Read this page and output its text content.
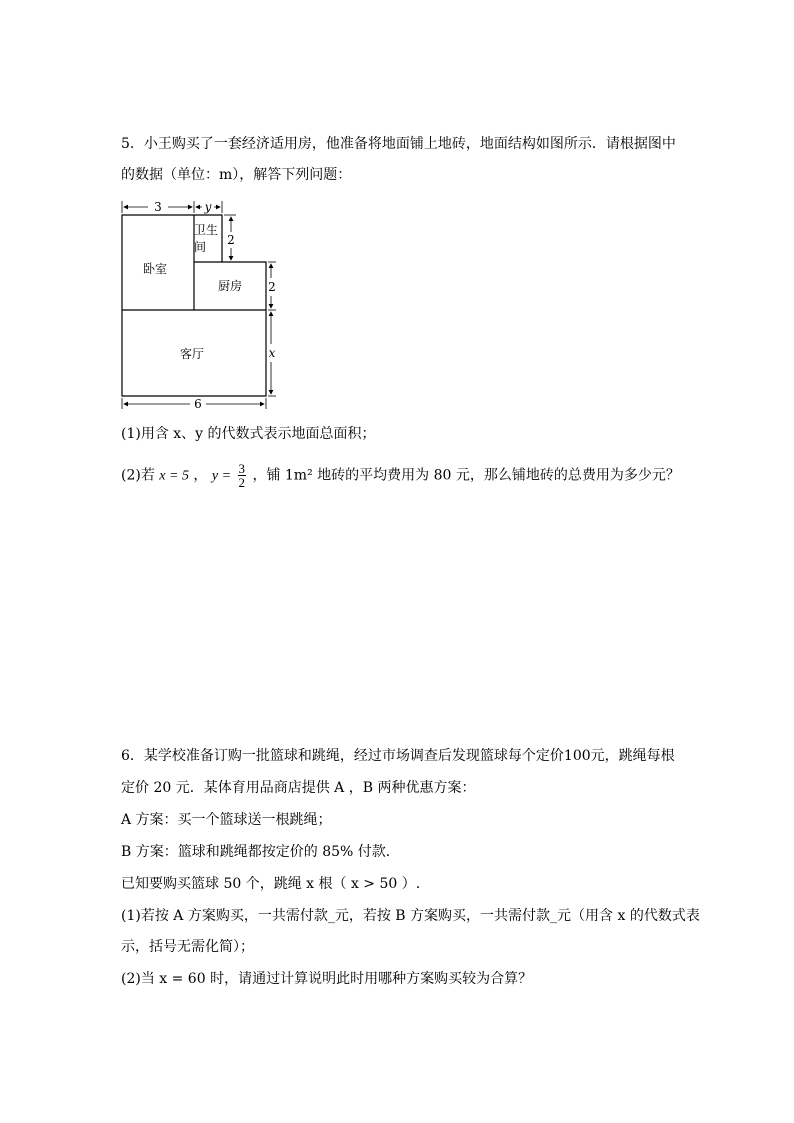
5．小王购买了一套经济适用房，他准备将地面铺上地砖，地面结构如图所示．请根据图中
的数据（单位：m），解答下列问题：
3	y
2
2
x
6
卧室
卫生
间
厨房
客厅
(1)用含 x、y 的代数式表示地面总面积；
(2)若 x = 5 ， $y = \frac{3}{2}$ ，铺 1m² 地砖的平均费用为 80 元，那么铺地砖的总费用为多少元？
6．某学校准备订购一批篮球和跳绳，经过市场调查后发现篮球每个定价100元，跳绳每根
定价 20 元．某体育用品商店提供 A ，B 两种优惠方案：
A 方案：买一个篮球送一根跳绳；
B 方案：篮球和跳绳都按定价的 85% 付款．
已知要购买篮球 50 个，跳绳 x 根（ x > 50 ）.
(1)若按 A 方案购买，一共需付款_元，若按 B 方案购买，一共需付款_元（用含 x 的代数式表
示，括号无需化简）；
(2)当 x = 60 时，请通过计算说明此时用哪种方案购买较为合算？
